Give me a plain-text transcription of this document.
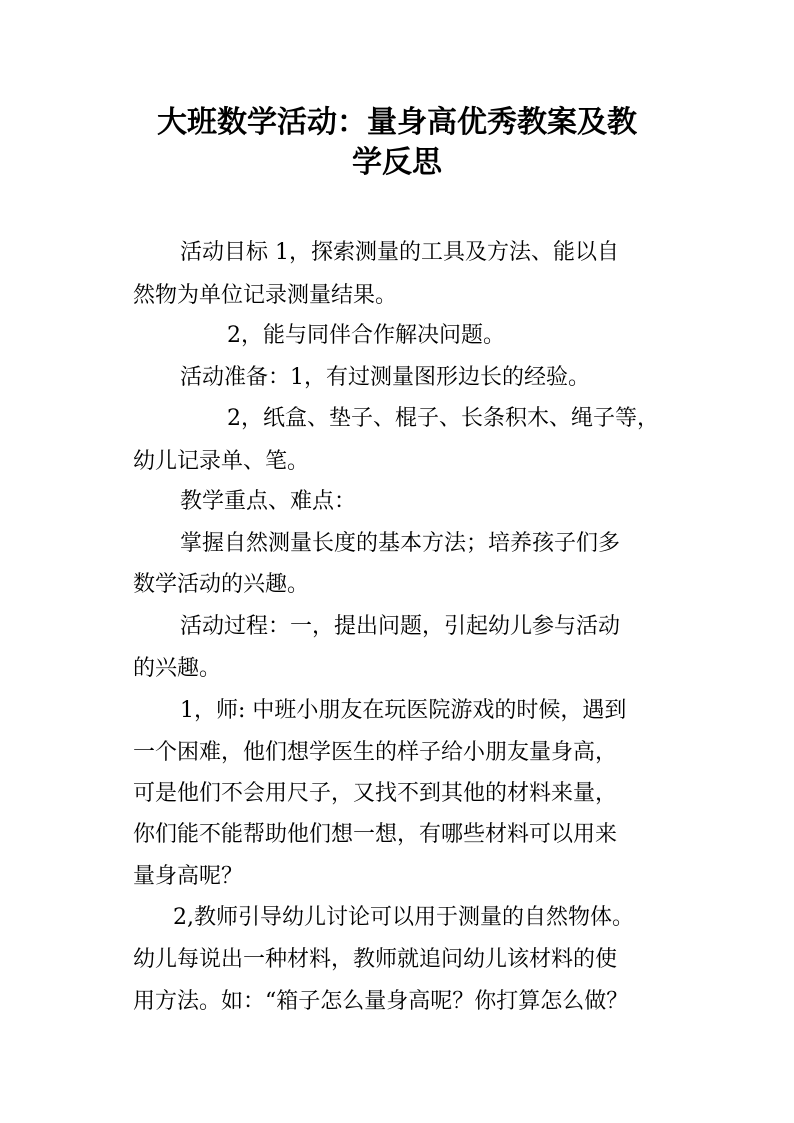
大班数学活动：量身高优秀教案及教
学反思

活动目标 1，探索测量的工具及方法、能以自

然物为单位记录测量结果。

2，能与同伴合作解决问题。

活动准备：1，有过测量图形边长的经验。

2，纸盒、垫子、棍子、长条积木、绳子等，

幼儿记录单、笔。

教学重点、难点：

掌握自然测量长度的基本方法；培养孩子们多

数学活动的兴趣。

活动过程：一，提出问题，引起幼儿参与活动

的兴趣。

1，师: 中班小朋友在玩医院游戏的时候，遇到

一个困难，他们想学医生的样子给小朋友量身高，

可是他们不会用尺子，又找不到其他的材料来量，

你们能不能帮助他们想一想，有哪些材料可以用来

量身高呢？

2,教师引导幼儿讨论可以用于测量的自然物体。

幼儿每说出一种材料，教师就追问幼儿该材料的使

用方法。如：“箱子怎么量身高呢？你打算怎么做？
